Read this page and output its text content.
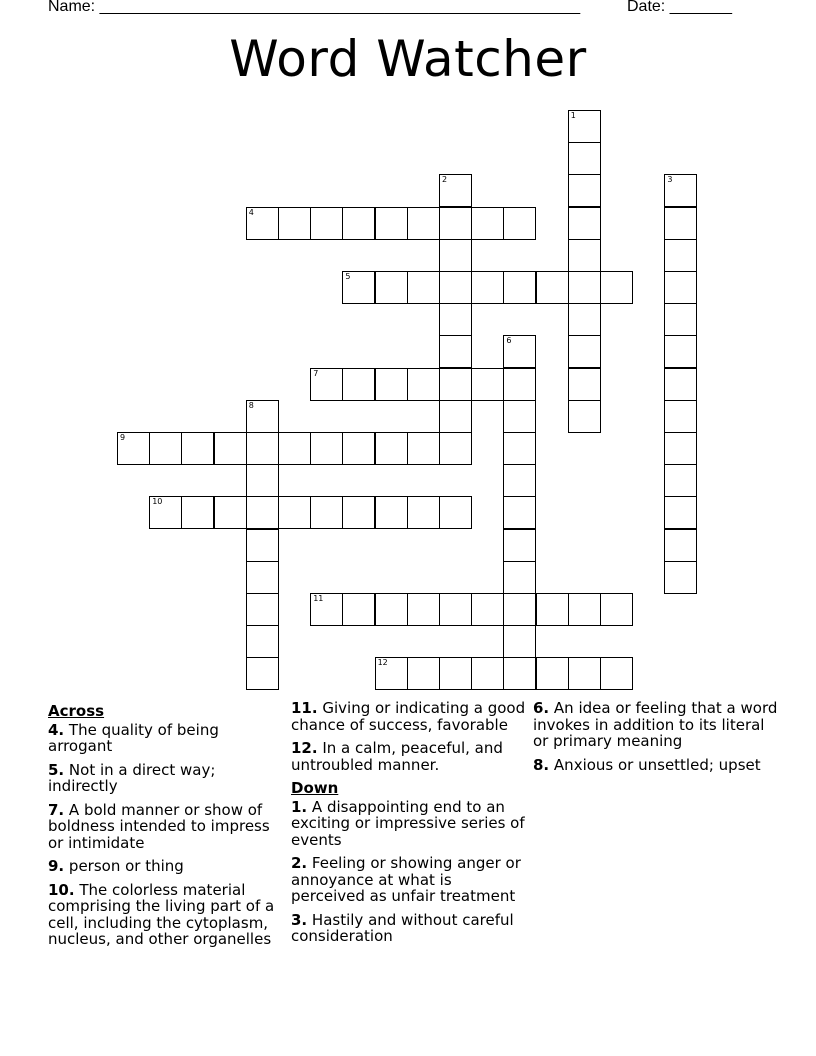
Name: ______________________________________________________	Date: _______
Word Watcher
4
5
7
9
10
11
12
1
2	3
6
8
Across
4. The quality of being arrogant
5. Not in a direct way; indirectly
7. A bold manner or show of boldness intended to impress or intimidate
9. person or thing
10. The colorless material comprising the living part of a cell, including the cytoplasm, nucleus, and other organelles
11. Giving or indicating a good chance of success, favorable
12. In a calm, peaceful, and untroubled manner.
Down
1. A disappointing end to an exciting or impressive series of events
2. Feeling or showing anger or annoyance at what is perceived as unfair treatment
3. Hastily and without careful consideration
6. An idea or feeling that a word invokes in addition to its literal or primary meaning
8. Anxious or unsettled; upset
